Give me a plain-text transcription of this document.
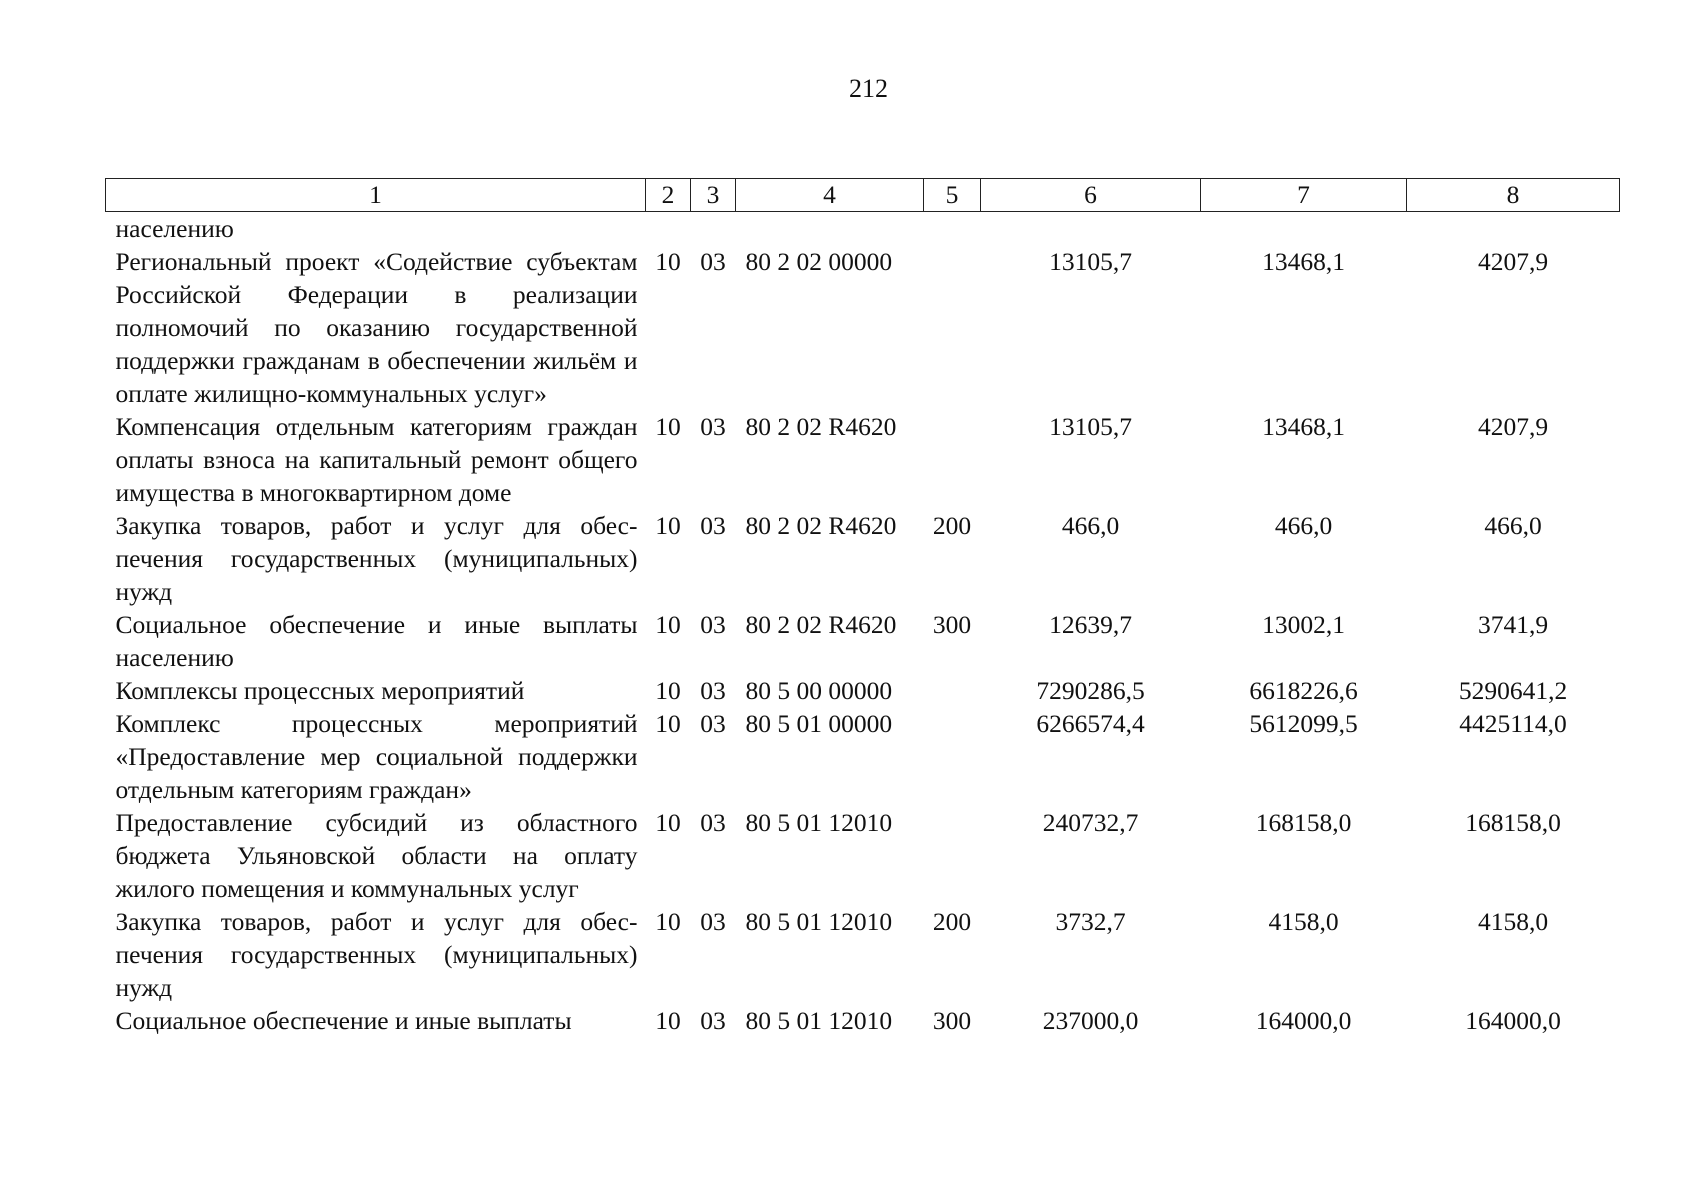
212
1	2	3	4	5	6	7	8
населению							
Региональный проект «Содействие субъектам Российской Федерации в реализации полномочий по оказанию государственной поддержки гражданам в обеспечении жильём и оплате жилищно-коммунальных услуг»	10	03	80 2 02 00000		13105,7	13468,1	4207,9
Компенсация отдельным категориям граждан оплаты взноса на капитальный ремонт общего имущества в многоквартирном доме	10	03	80 2 02 R4620		13105,7	13468,1	4207,9
Закупка товаров, работ и услуг для обеспечения государственных (муниципальных) нужд	10	03	80 2 02 R4620	200	466,0	466,0	466,0
Социальное обеспечение и иные выплаты населению	10	03	80 2 02 R4620	300	12639,7	13002,1	3741,9
Комплексы процессных мероприятий	10	03	80 5 00 00000		7290286,5	6618226,6	5290641,2
Комплекс процессных мероприятий «Предоставление мер социальной поддержки отдельным категориям граждан»	10	03	80 5 01 00000		6266574,4	5612099,5	4425114,0
Предоставление субсидий из областного бюджета Ульяновской области на оплату жилого помещения и коммунальных услуг	10	03	80 5 01 12010		240732,7	168158,0	168158,0
Закупка товаров, работ и услуг для обеспечения государственных (муниципальных) нужд	10	03	80 5 01 12010	200	3732,7	4158,0	4158,0
Социальное обеспечение и иные выплаты	10	03	80 5 01 12010	300	237000,0	164000,0	164000,0
